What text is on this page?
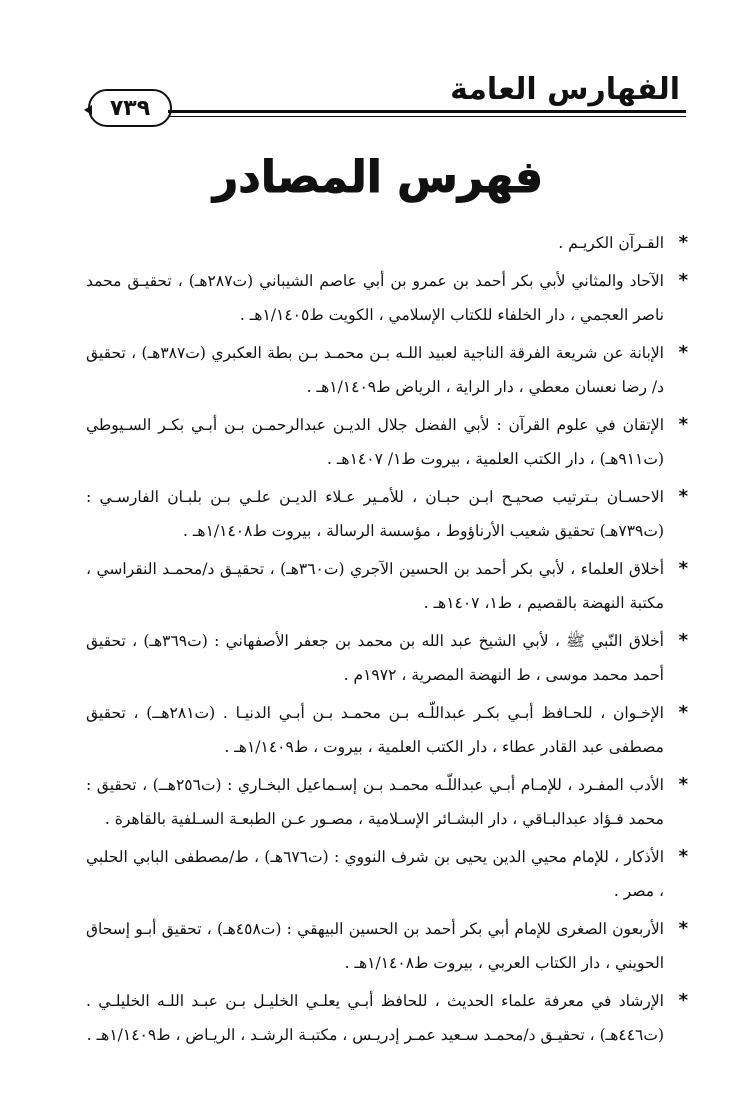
٧٣٩
الفهارس العامة
فهرس المصادر
*
القـرآن الكريـم .
*
الآحاد والمثاني لأبي بكر أحمد بن عمرو بن أبي عاصم الشيباني (ت٢٨٧هـ) ، تحقيـق محمد ناصر العجمي ، دار الخلفاء للكتاب الإسلامي ، الكويت ط١/١٤٠٥هـ .
*
الإبانة عن شريعة الفرقة الناجية لعبيد اللـه بـن محمـد بـن بطة العكبري (ت٣٨٧هـ) ، تحقيق د/ رضا نعسان معطي ، دار الراية ، الرياض ط١/١٤٠٩هـ .
*
الإتقان في علوم القرآن : لأبي الفضل جلال الديـن عبدالرحمـن بـن أبـي بكـر السـيوطي (ت٩١١هـ) ، دار الكتب العلمية ، بيروت ط١/ ١٤٠٧هـ .
*
الاحسـان بـترتيب صحيـح ابـن حبـان ، للأمـير عـلاء الديـن علـي بـن بلبـان الفارسـي : (ت٧٣٩هـ) تحقيق شعيب الأرناؤوط ، مؤسسة الرسالة ، بيروت ط١/١٤٠٨هـ .
*
أخلاق العلماء ، لأبي بكر أحمد بن الحسين الآجري (ت٣٦٠هـ) ، تحقيـق د/محمـد النقراسي ، مكتبة النهضة بالقصيم ، ط١، ١٤٠٧هـ .
*
أخلاق النّبي ﷺ ، لأبي الشيخ عبد الله بن محمد بن جعفر الأصفهاني : (ت٣٦٩هـ) ، تحقيق أحمد محمد موسى ، ط النهضة المصرية ، ١٩٧٢م .
*
الإخـوان ، للحـافظ أبـي بكـر عبداللّـه بـن محمـد بـن أبـي الدنيـا . (ت٢٨١هــ) ، تحقيق مصطفى عبد القادر عطاء ، دار الكتب العلمية ، بيروت ، ط١/١٤٠٩هـ .
*
الأدب المفـرد ، للإمـام أبـي عبداللّـه محمـد بـن إسـماعيل البخـاري : (ت٢٥٦هــ) ، تحقيق : محمد فـؤاد عبدالبـاقي ، دار البشـائر الإسـلامية ، مصـور عـن الطبعـة السـلفية بالقاهرة .
*
الأذكار ، للإمام محيي الدين يحيى بن شرف النووي : (ت٦٧٦هـ) ، ط/مصطفى البابي الحلبي ، مصر .
*
الأربعون الصغرى للإمام أبي بكر أحمد بن الحسين البيهقي : (ت٤٥٨هـ) ، تحقيق أبـو إسحاق الحويني ، دار الكتاب العربي ، بيروت ط١/١٤٠٨هـ .
*
الإرشاد في معرفة علماء الحديث ، للحافظ أبـي يعلـي الخليـل بـن عبـد اللـه الخليلـي . (ت٤٤٦هـ) ، تحقيـق د/محمـد سـعيد عمـر إدريـس ، مكتبـة الرشـد ، الريـاض ، ط١/١٤٠٩هـ .
